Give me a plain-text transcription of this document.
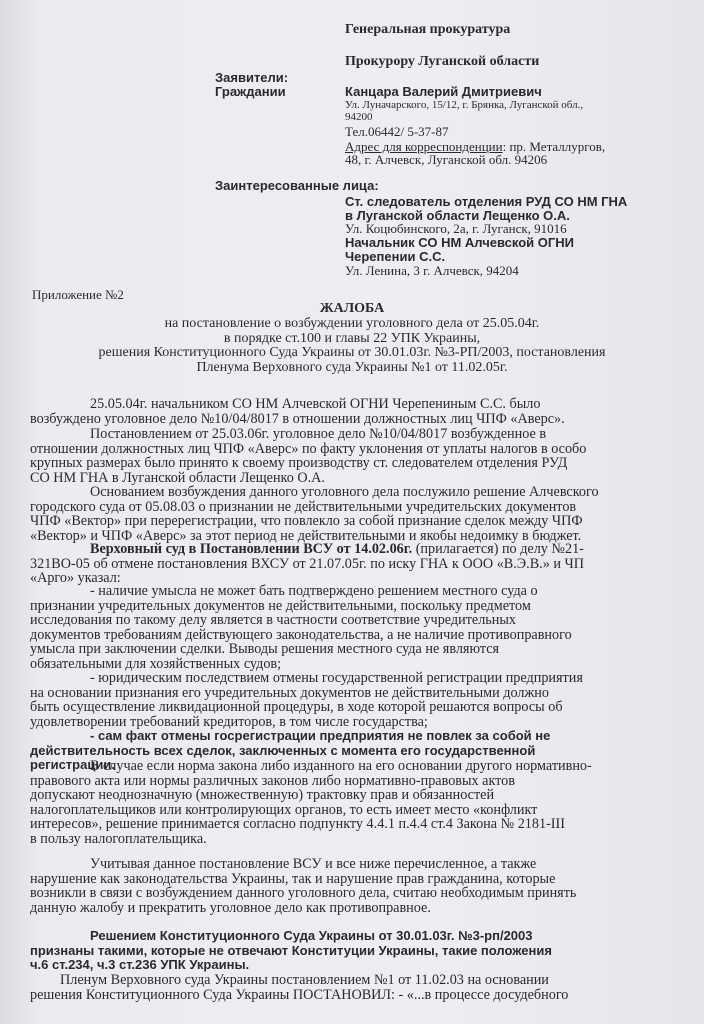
Генеральная прокуратура
Прокурору Луганской области
Заявители:
Граждании	Канцара Валерий Дмитриевич
Ул. Луначарского, 15/12, г. Брянка, Луганской обл.,
94200
Тел.06442/ 5-37-87
Адрес для корреспонденции: пр. Металлургов,
48, г. Алчевск, Луганской обл. 94206
Заинтересованные лица:
Ст. следователь отделения РУД СО НМ ГНА
в Луганской области Лещенко О.А.
Ул. Коцюбинского, 2а, г. Луганск, 91016
Начальник СО НМ Алчевской ОГНИ
Черепении С.С.
Ул. Ленина, 3 г. Алчевск, 94204
Приложение №2
ЖАЛОБА
на постановление о возбуждении уголовного дела от 25.05.04г.
в порядке ст.100 и главы 22 УПК Украины,
решения Конституционного Суда Украины от 30.01.03г. №3-РП/2003, постановления
Пленума Верховного суда Украины №1 от 11.02.05г.
25.05.04г. начальником СО НМ Алчевской ОГНИ Черепениным С.С. было
возбуждено уголовное дело №10/04/8017 в отношении должностных лиц ЧПФ «Аверс».
Постановлением от 25.03.06г. уголовное дело №10/04/8017 возбужденное в
отношении должностных лиц ЧПФ «Аверс» по факту уклонения от уплаты налогов в особо
крупных размерах было принято к своему производству ст. следователем отделения РУД
СО НМ ГНА в Луганской области Лещенко О.А.
Основанием возбуждения данного уголовного дела послужило решение Алчевского
городского суда от 05.08.03 о признании не действительными учредительских документов
ЧПФ «Вектор» при перерегистрации, что повлекло за собой признание сделок между ЧПФ
«Вектор» и ЧПФ «Аверс» за этот период не действительными и якобы недоимку в бюджет.
Верховный суд в Постановлении ВСУ от 14.02.06г. (прилагается) по делу №21-
321ВО-05 об отмене постановления ВХСУ от 21.07.05г. по иску ГНА к ООО «В.Э.В.» и ЧП
«Арго» указал:
- наличие умысла не может бать подтверждено решением местного суда о
признании учредительных документов не действительными, поскольку предметом
исследования по такому делу является в частности соответствие учредительных
документов требованиям действующего законодательства, а не наличие противоправного
умысла при заключении сделки. Выводы решения местного суда не являются
обязательными для хозяйственных судов;
- юридическим последствием отмены государственной регистрации предприятия
на основании признания его учредительных документов не действительными должно
быть осуществление ликвидационной процедуры, в ходе которой решаются вопросы об
удовлетворении требований кредиторов, в том числе государства;
- сам факт отмены госрегистрации предприятия не повлек за собой не
действительность всех сделок, заключенных с момента его государственной
регистрации.
В случае если норма закона либо изданного на его основании другого нормативно-
правового акта или нормы различных законов либо нормативно-правовых актов
допускают неоднозначную (множественную) трактовку прав и обязанностей
налогоплательщиков или контролирующих органов, то есть имеет место «конфликт
интересов», решение принимается согласно подпункту 4.4.1 п.4.4 ст.4 Закона № 2181-III
в пользу налогоплательщика.
Учитывая данное постановление ВСУ и все ниже перечисленное, а также
нарушение как законодательства Украины, так и нарушение прав гражданина, которые
возникли в связи с возбуждением данного уголовного дела, считаю необходимым принять
данную жалобу и прекратить уголовное дело как противоправное.
Решением Конституционного Суда Украины от 30.01.03г. №3-рп/2003
признаны такими, которые не отвечают Конституции Украины, такие положения
ч.6 ст.234, ч.3 ст.236 УПК Украины.
Пленум Верховного суда Украины постановлением №1 от 11.02.03 на основании
решения Конституционного Суда Украины ПОСТАНОВИЛ: - «...в процессе досудебного
